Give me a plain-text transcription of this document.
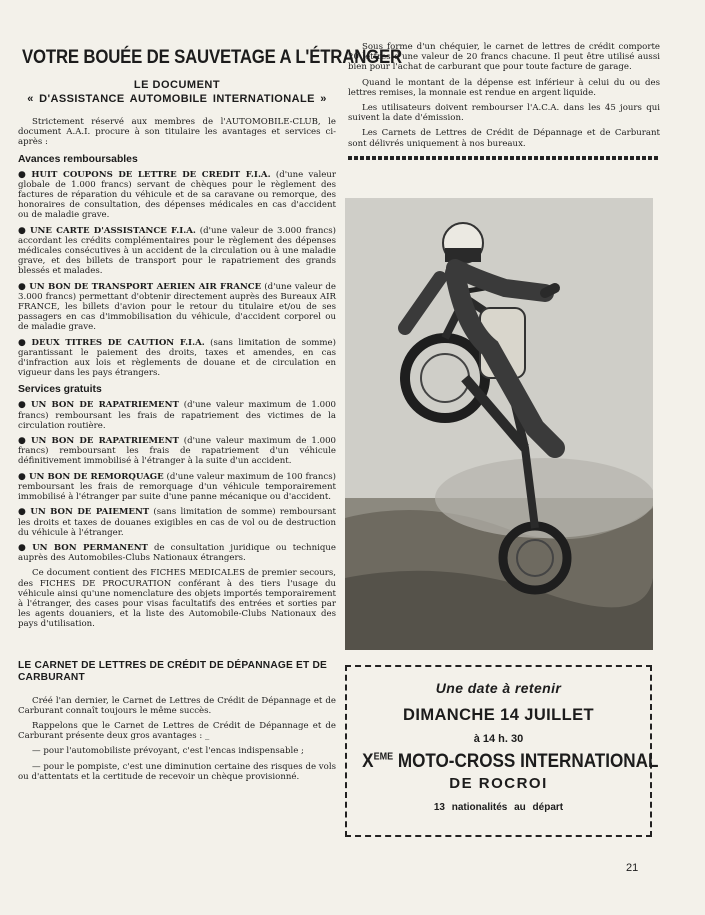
VOTRE BOUÉE DE SAUVETAGE A L'ÉTRANGER
LE DOCUMENT
« D'ASSISTANCE AUTOMOBILE INTERNATIONALE »

Strictement réservé aux membres de l'AUTOMOBILE-CLUB, le document A.A.I. procure à son titulaire les avantages et services ci-après :

Avances remboursables

● HUIT COUPONS DE LETTRE DE CREDIT F.I.A. (d'une valeur globale de 1.000 francs) servant de chèques pour le règlement des factures de réparation du véhicule et de sa caravane ou remorque, des honoraires de consultation, des dépenses médicales en cas d'accident ou de maladie grave.

● UNE CARTE D'ASSISTANCE F.I.A. (d'une valeur de 3.000 francs) accordant les crédits complémentaires pour le règlement des dépenses médicales consécutives à un accident de la circulation ou à une maladie grave, et des billets de transport pour le rapatriement des grands blessés et malades.

● UN BON DE TRANSPORT AERIEN AIR FRANCE (d'une valeur de 3.000 francs) permettant d'obtenir directement auprès des Bureaux AIR FRANCE, les billets d'avion pour le retour du titulaire et/ou de ses passagers en cas d'immobilisation du véhicule, d'accident corporel ou de maladie grave.

● DEUX TITRES DE CAUTION F.I.A. (sans limitation de somme) garantissant le paiement des droits, taxes et amendes, en cas d'infraction aux lois et règlements de douane et de circulation en vigueur dans les pays étrangers.

Services gratuits

● UN BON DE RAPATRIEMENT (d'une valeur maximum de 1.000 francs) remboursant les frais de rapatriement des victimes de la circulation routière.

● UN BON DE RAPATRIEMENT (d'une valeur maximum de 1.000 francs) remboursant les frais de rapatriement d'un véhicule définitivement immobilisé à l'étranger à la suite d'un accident.

● UN BON DE REMORQUAGE (d'une valeur maximum de 100 francs) remboursant les frais de remorquage d'un véhicule temporairement immobilisé à l'étranger par suite d'une panne mécanique ou d'accident.

● UN BON DE PAIEMENT (sans limitation de somme) remboursant les droits et taxes de douanes exigibles en cas de vol ou de destruction du véhicule à l'étranger.

● UN BON PERMANENT de consultation juridique ou technique auprès des Automobiles-Clubs Nationaux étrangers.

Ce document contient des FICHES MEDICALES de premier secours, des FICHES DE PROCURATION conférant à des tiers l'usage du véhicule ainsi qu'une nomenclature des objets importés temporairement à l'étranger, des cases pour visas facultatifs des entrées et sorties par les agents douaniers, et la liste des Automobile-Clubs Nationaux des pays d'utilisation.

LE CARNET DE LETTRES DE CRÉDIT DE DÉPANNAGE ET DE CARBURANT

Créé l'an dernier, le Carnet de Lettres de Crédit de Dépannage et de Carburant connaît toujours le même succès.

Rappelons que le Carnet de Lettres de Crédit de Dépannage et de Carburant présente deux gros avantages : _

— pour l'automobiliste prévoyant, c'est l'encas indispensable ;

— pour le pompiste, c'est une diminution certaine des risques de vols ou d'attentats et la certitude de recevoir un chèque provisionné.

Sous forme d'un chéquier, le carnet de lettres de crédit comporte 20 lettres d'une valeur de 20 francs chacune. Il peut être utilisé aussi bien pour l'achat de carburant que pour toute facture de garage.

Quand le montant de la dépense est inférieur à celui du ou des lettres remises, la monnaie est rendue en argent liquide.

Les utilisateurs doivent rembourser l'A.C.A. dans les 45 jours qui suivent la date d'émission.

Les Carnets de Lettres de Crédit de Dépannage et de Carburant sont délivrés uniquement à nos bureaux.

Une date à retenir
DIMANCHE 14 JUILLET
à 14 h. 30
XEME MOTO-CROSS INTERNATIONAL
DE ROCROI
13 nationalités au départ
21
